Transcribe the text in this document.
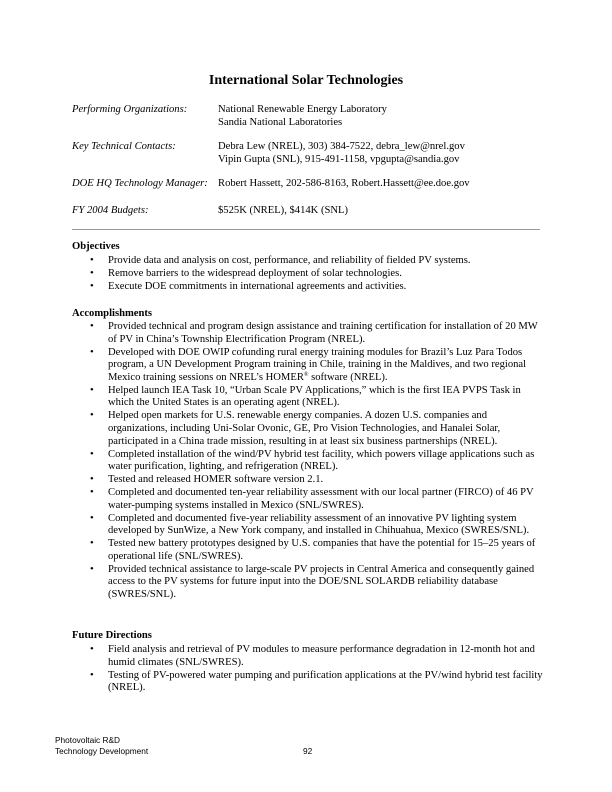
International Solar Technologies
Performing Organizations:	National Renewable Energy Laboratory
Sandia National Laboratories
Key Technical Contacts:	Debra Lew (NREL), 303) 384-7522, debra_lew@nrel.gov
Vipin Gupta (SNL), 915-491-1158, vpgupta@sandia.gov
DOE HQ Technology Manager: Robert Hassett, 202-586-8163, Robert.Hassett@ee.doe.gov
FY 2004 Budgets:	$525K (NREL), $414K (SNL)
Objectives
• Provide data and analysis on cost, performance, and reliability of fielded PV systems.
• Remove barriers to the widespread deployment of solar technologies.
• Execute DOE commitments in international agreements and activities.
Accomplishments
• Provided technical and program design assistance and training certification for installation of 20 MW of PV in China’s Township Electrification Program (NREL).
• Developed with DOE OWIP cofunding rural energy training modules for Brazil’s Luz Para Todos program, a UN Development Program training in Chile, training in the Maldives, and two regional Mexico training sessions on NREL’s HOMER® software (NREL).
• Helped launch IEA Task 10, “Urban Scale PV Applications,” which is the first IEA PVPS Task in which the United States is an operating agent (NREL).
• Helped open markets for U.S. renewable energy companies. A dozen U.S. companies and organizations, including Uni-Solar Ovonic, GE, Pro Vision Technologies, and Hanalei Solar, participated in a China trade mission, resulting in at least six business partnerships (NREL).
• Completed installation of the wind/PV hybrid test facility, which powers village applications such as water purification, lighting, and refrigeration (NREL).
• Tested and released HOMER software version 2.1.
• Completed and documented ten-year reliability assessment with our local partner (FIRCO) of 46 PV water-pumping systems installed in Mexico (SNL/SWRES).
• Completed and documented five-year reliability assessment of an innovative PV lighting system developed by SunWize, a New York company, and installed in Chihuahua, Mexico (SWRES/SNL).
• Tested new battery prototypes designed by U.S. companies that have the potential for 15–25 years of operational life (SNL/SWRES).
• Provided technical assistance to large-scale PV projects in Central America and consequently gained access to the PV systems for future input into the DOE/SNL SOLARDB reliability database (SWRES/SNL).
Future Directions
• Field analysis and retrieval of PV modules to measure performance degradation in 12-month hot and humid climates (SNL/SWRES).
• Testing of PV-powered water pumping and purification applications at the PV/wind hybrid test facility (NREL).
Photovoltaic R&D
Technology Development	92
